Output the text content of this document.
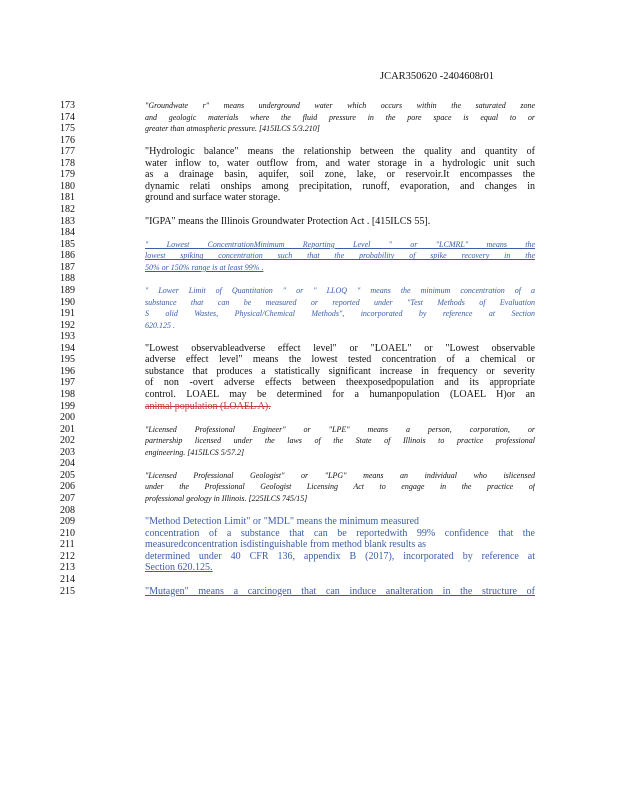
JCAR350620 -2404608r01
173	"Groundwate r" means underground water which occurs within the saturated zone
174	and geologic materials where the fluid pressure in the pore space is equal to or
175	greater than atmospheric pressure. [415ILCS 5/3.210]
176
177	"Hydrologic balance" means the relationship between the quality and quantity of
178	water inflow to, water outflow from, and water storage in a hydrologic unit such
179	as a drainage basin, aquifer, soil zone, lake, or reservoir.It encompasses the
180	dynamic relati onships among precipitation, runoff, evaporation, and changes in
181	ground and surface water storage.
182
183	"IGPA" means the Illinois Groundwater Protection Act . [415ILCS 55].
184
185	" Lowest ConcentrationMinimum Reporting Level " or "LCMRL" means the
186	lowest spiking concentration such that the probability of spike recovery in the
187	50% or 150% range is at least 99% .
188
189	" Lower Limit of Quantitation " or " LLOQ " means the minimum concentration of a
190	substance that can be measured or reported under "Test Methods of Evaluation
191	S olid Wastes, Physical/Chemical Methods", incorporated by reference at Section
192	620.125 .
193
194	"Lowest observableadverse effect level" or "LOAEL" or "Lowest observable
195	adverse effect level" means the lowest tested concentration of a chemical or
196	substance that produces a statistically significant increase in frequency or severity
197	of non -overt adverse effects between theexposedpopulation and its appropriate
198	control. LOAEL may be determined for a humanpopulation (LOAEL H)or an
199	animal population (LOAEL A).
200
201	"Licensed Professional Engineer" or "LPE" means a person, corporation, or
202	partnership licensed under the laws of the State of Illinois to practice professional
203	engineering. [415ILCS 5/57.2]
204
205	"Licensed Professional Geologist" or "LPG" means an individual who islicensed
206	under the Professional Geologist Licensing Act to engage in the practice of
207	professional geology in Illinois. [225ILCS 745/15]
208
209	"Method Detection Limit" or "MDL" means the minimum measured
210	concentration of a substance that can be reportedwith 99% confidence that the
211	measuredconcentration isdistinguishable from method blank results as
212	determined under 40 CFR 136, appendix B (2017), incorporated by reference at
213	Section 620.125.
214
215	"Mutagen" means a carcinogen that can induce analteration in the structure of
